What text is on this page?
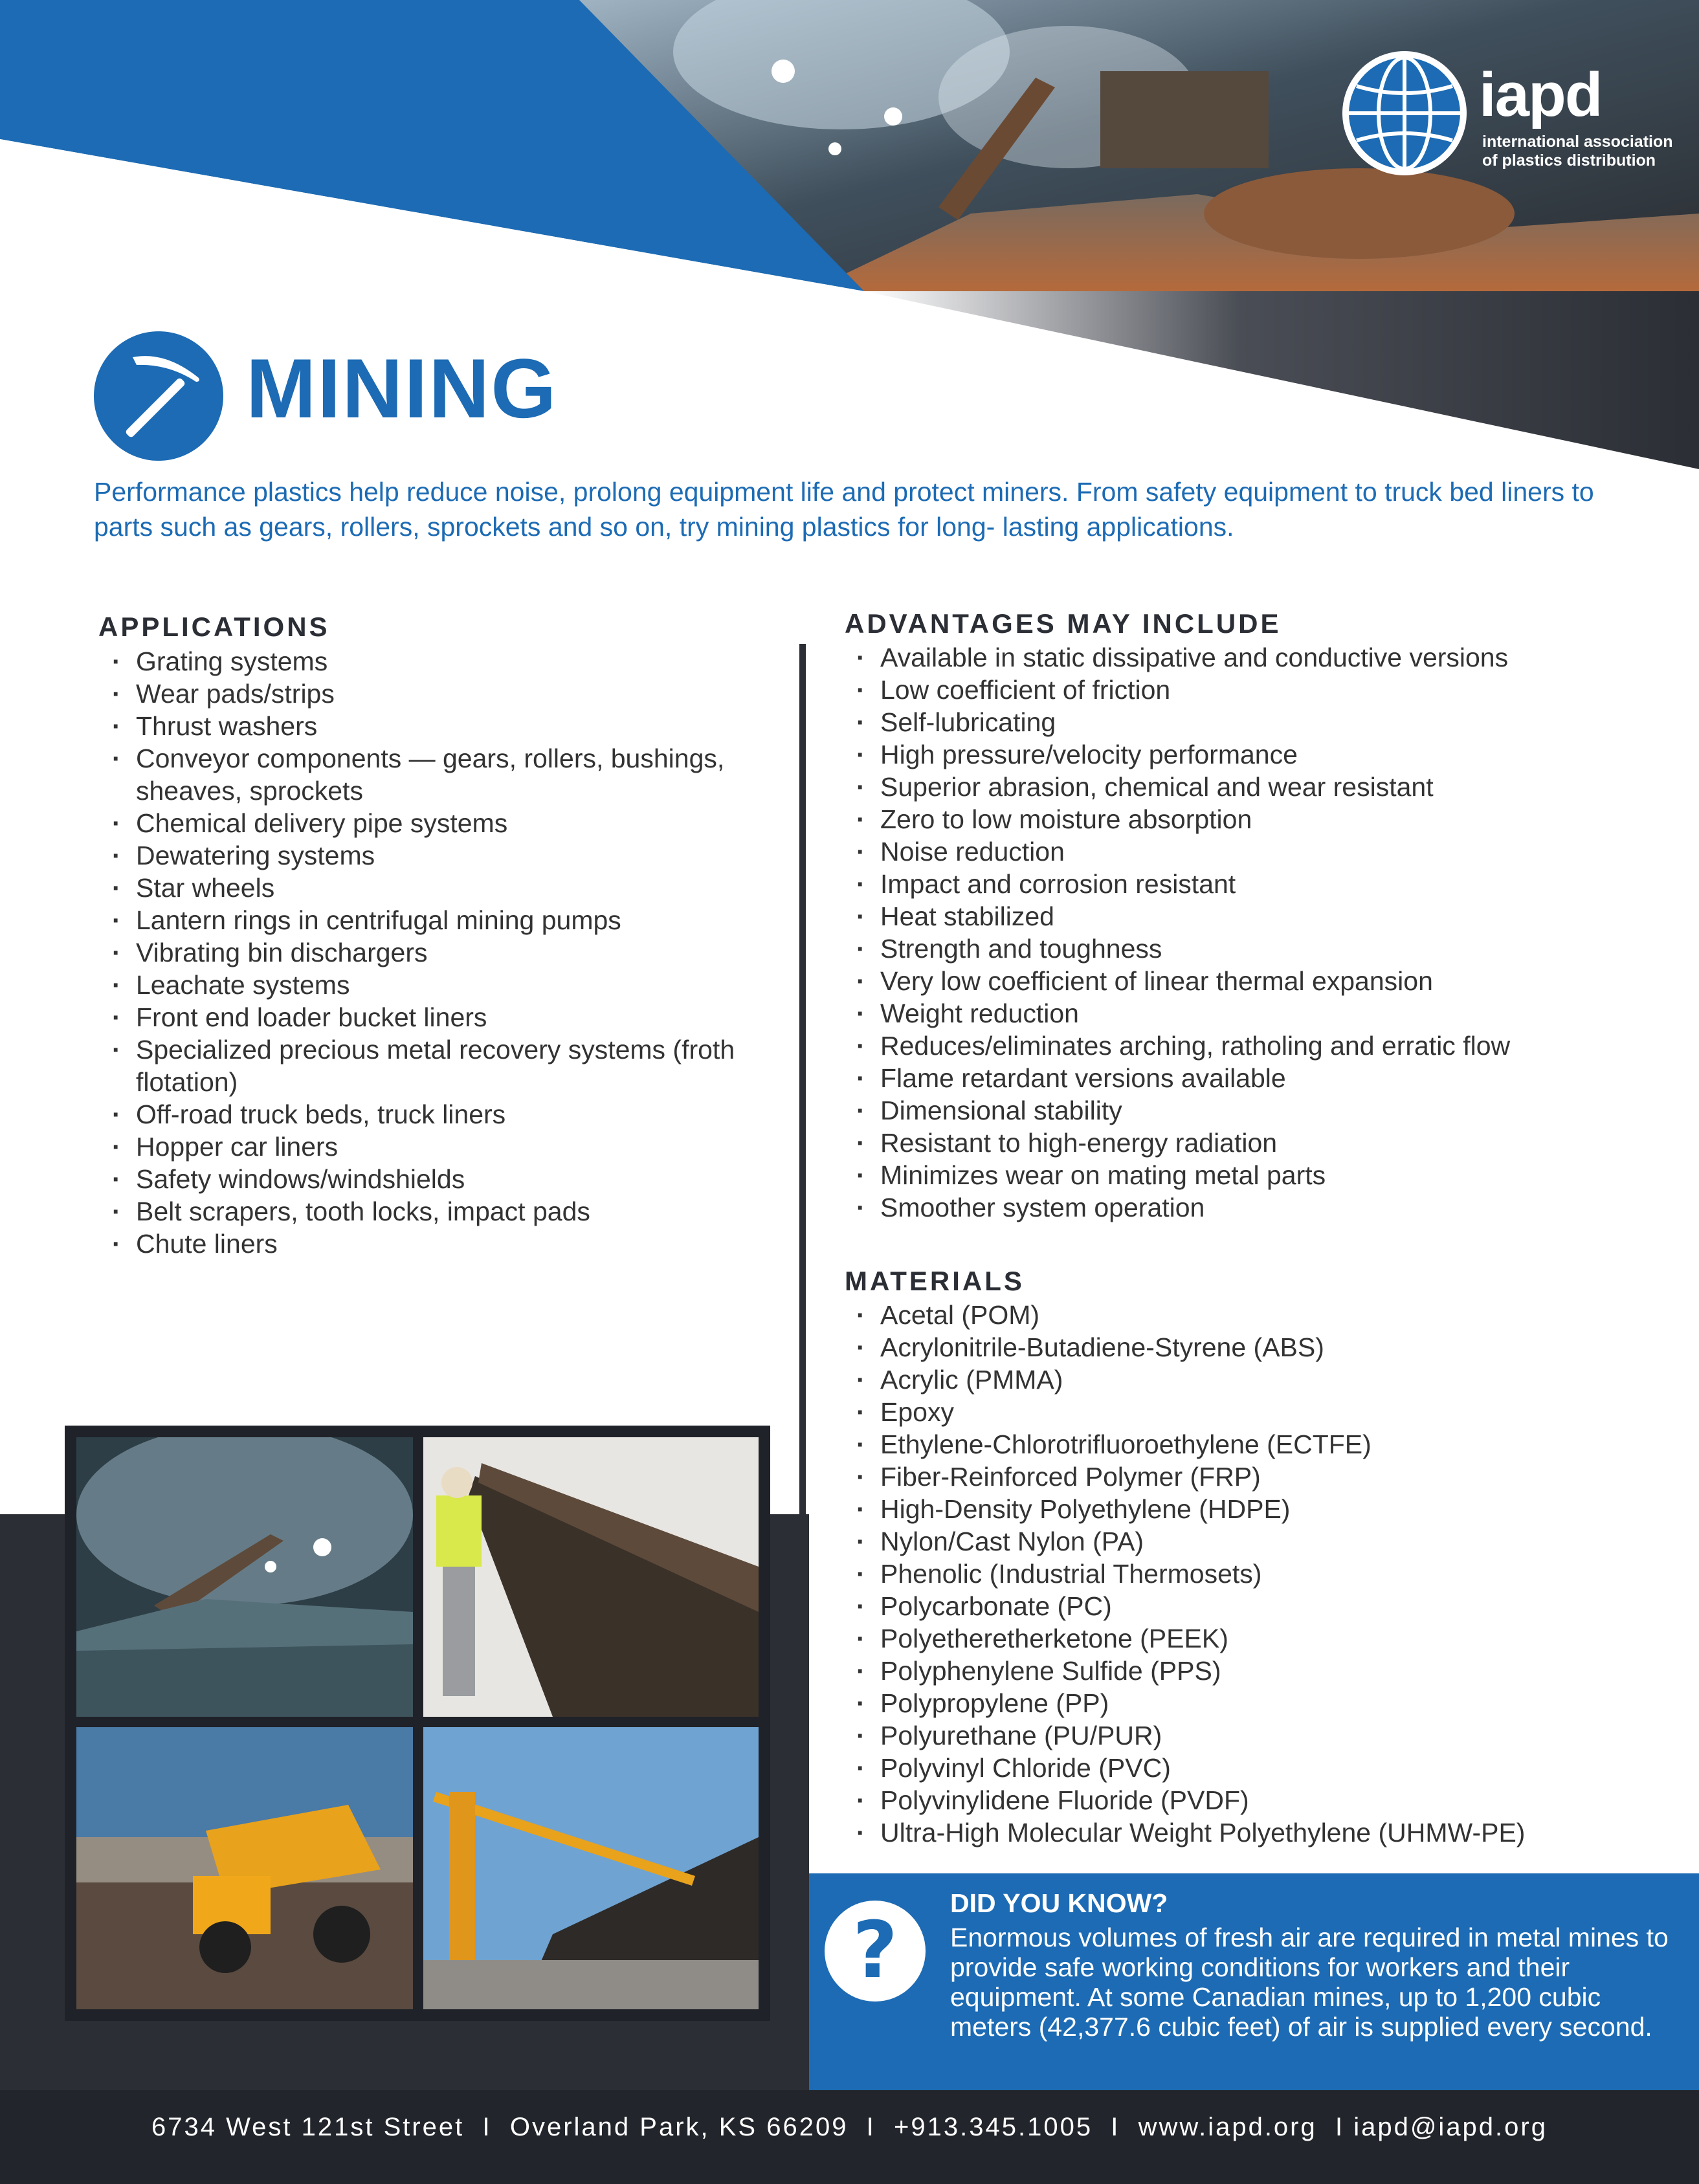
iapd
international association
of plastics distribution
MINING
Performance plastics help reduce noise, prolong equipment life and protect miners. From safety equipment to truck bed liners to parts such as gears, rollers, sprockets and so on, try mining plastics for long- lasting applications.
APPLICATIONS
· Grating systems
· Wear pads/strips
· Thrust washers
· Conveyor components — gears, rollers, bushings, sheaves, sprockets
· Chemical delivery pipe systems
· Dewatering systems
· Star wheels
· Lantern rings in centrifugal mining pumps
· Vibrating bin dischargers
· Leachate systems
· Front end loader bucket liners
· Specialized precious metal recovery systems (froth flotation)
· Off-road truck beds, truck liners
· Hopper car liners
· Safety windows/windshields
· Belt scrapers, tooth locks, impact pads
· Chute liners
ADVANTAGES MAY INCLUDE
· Available in static dissipative and conductive versions
· Low coefficient of friction
· Self-lubricating
· High pressure/velocity performance
· Superior abrasion, chemical and wear resistant
· Zero to low moisture absorption
· Noise reduction
· Impact and corrosion resistant
· Heat stabilized
· Strength and toughness
· Very low coefficient of linear thermal expansion
· Weight reduction
· Reduces/eliminates arching, ratholing and erratic flow
· Flame retardant versions available
· Dimensional stability
· Resistant to high-energy radiation
· Minimizes wear on mating metal parts
· Smoother system operation
MATERIALS
· Acetal (POM)
· Acrylonitrile-Butadiene-Styrene (ABS)
· Acrylic (PMMA)
· Epoxy
· Ethylene-Chlorotrifluoroethylene (ECTFE)
· Fiber-Reinforced Polymer (FRP)
· High-Density Polyethylene (HDPE)
· Nylon/Cast Nylon (PA)
· Phenolic (Industrial Thermosets)
· Polycarbonate (PC)
· Polyetheretherketone (PEEK)
· Polyphenylene Sulfide (PPS)
· Polypropylene (PP)
· Polyurethane (PU/PUR)
· Polyvinyl Chloride (PVC)
· Polyvinylidene Fluoride (PVDF)
· Ultra-High Molecular Weight Polyethylene (UHMW-PE)
?
DID YOU KNOW?
Enormous volumes of fresh air are required in metal mines to provide safe working conditions for workers and their equipment. At some Canadian mines, up to 1,200 cubic meters (42,377.6 cubic feet) of air is supplied every second.
6734 West 121st Street  I  Overland Park, KS 66209  I  +913.345.1005  I  www.iapd.org  I iapd@iapd.org
